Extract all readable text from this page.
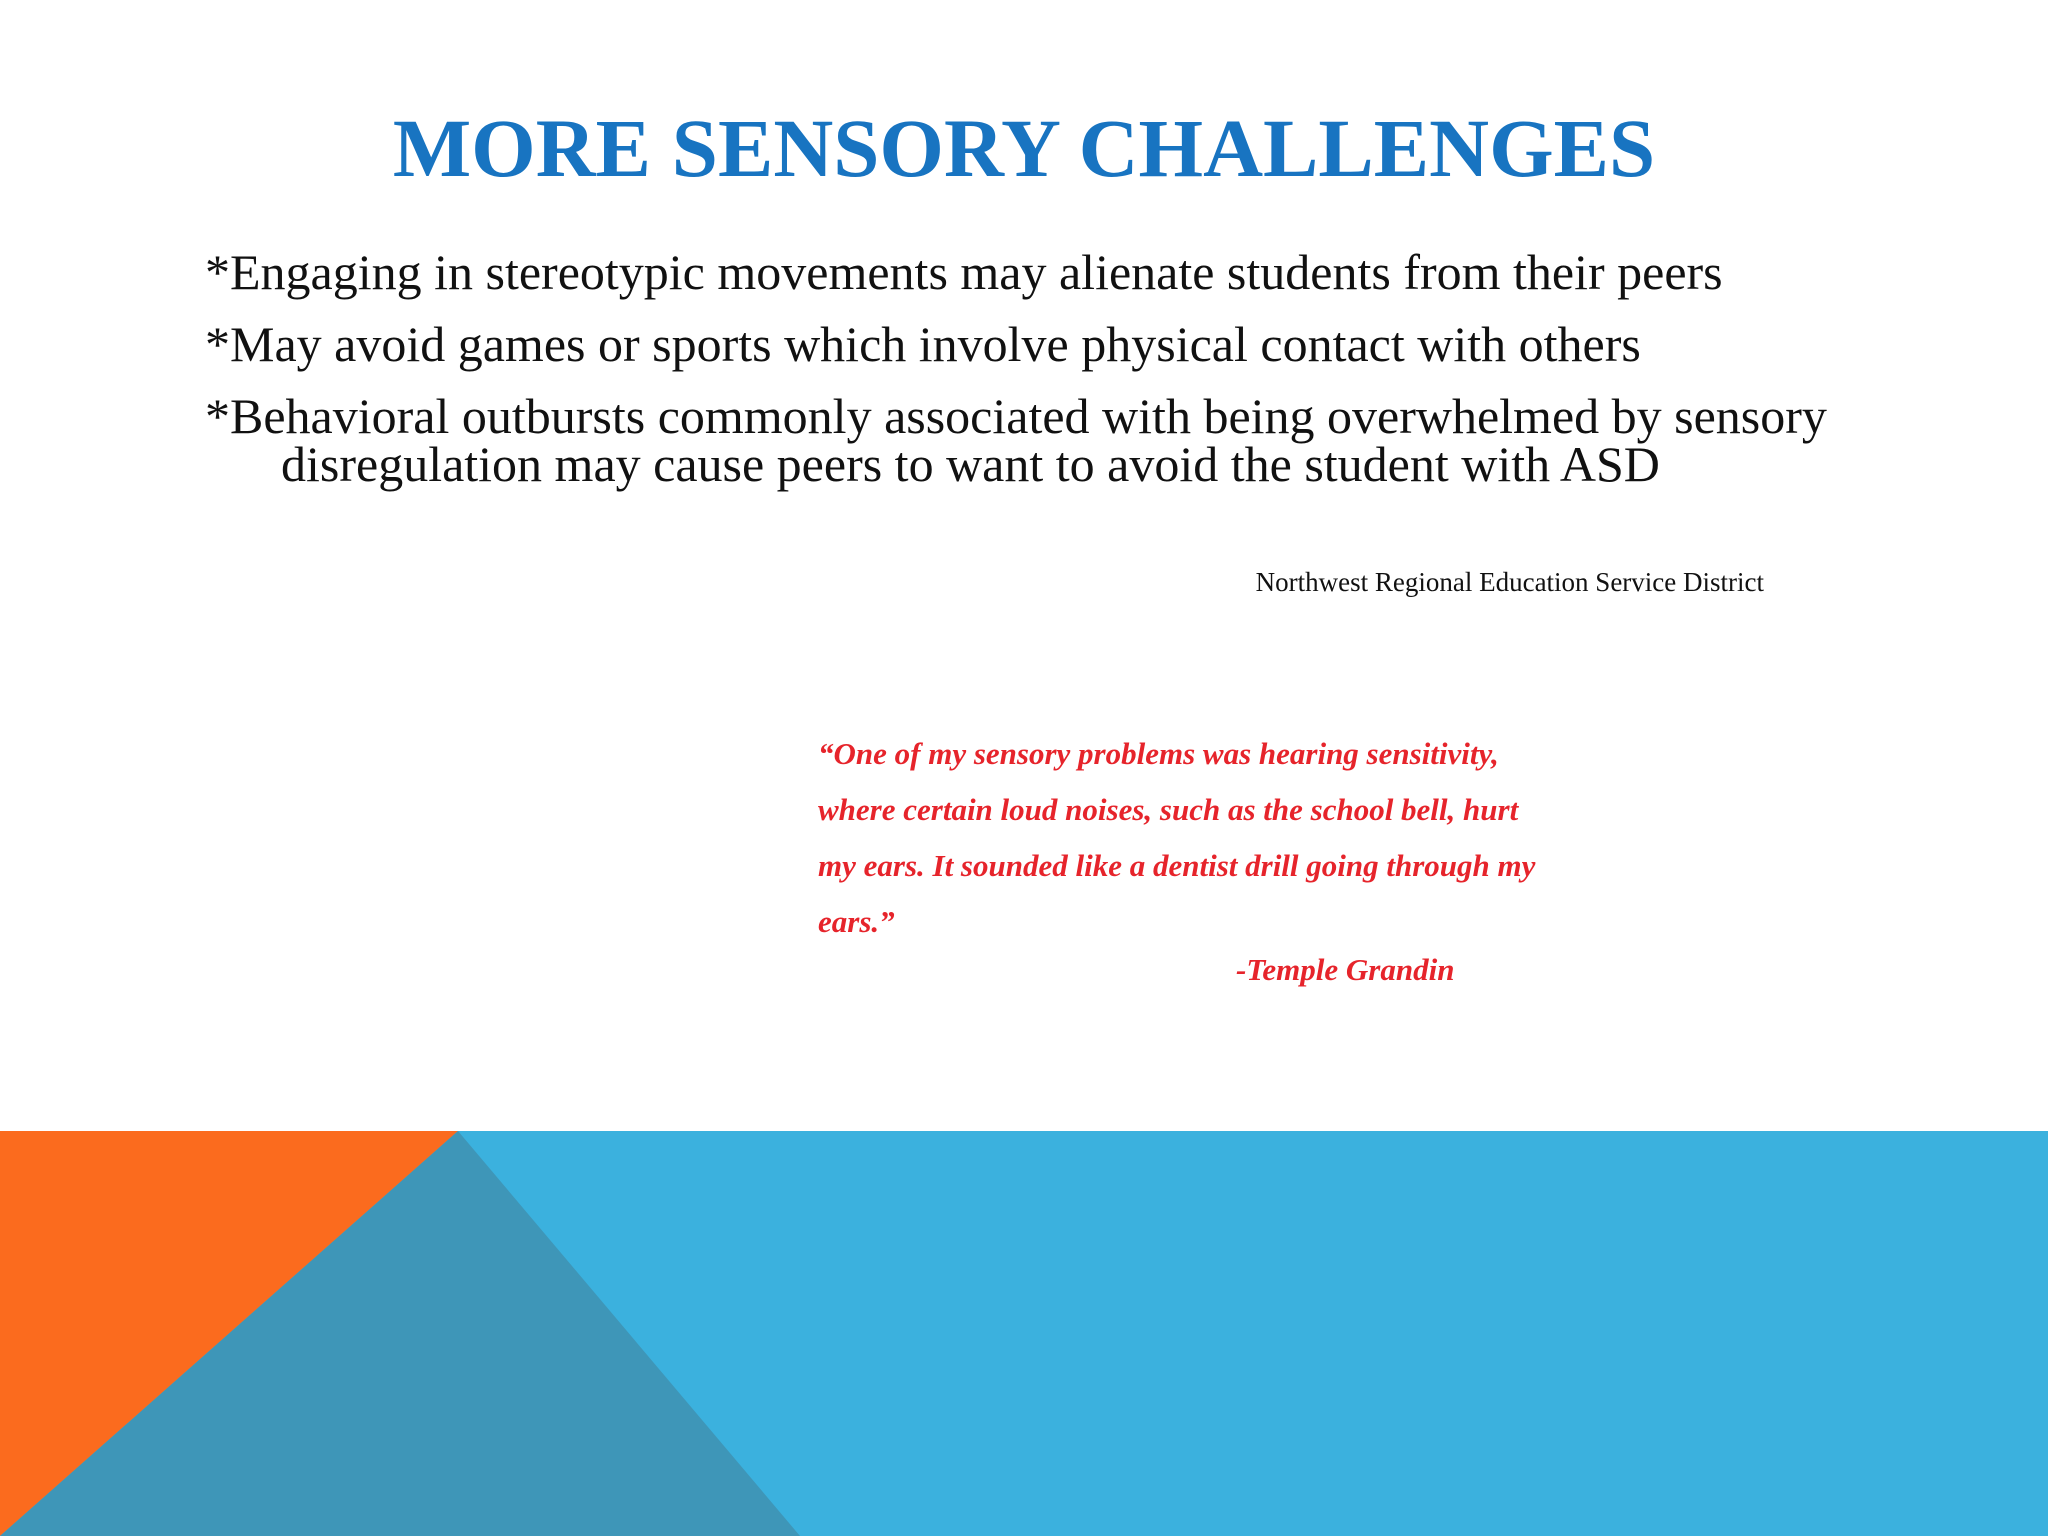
MORE SENSORY CHALLENGES
*Engaging in stereotypic movements may alienate students from their peers
*May avoid games or sports which involve physical contact with others
*Behavioral outbursts commonly associated with being overwhelmed by sensory disregulation may cause peers to want to avoid the student with ASD
Northwest Regional Education Service District
“One of my sensory problems was hearing sensitivity,
where certain loud noises, such as the school bell, hurt
my ears. It sounded like a dentist drill going through my
ears.”
-Temple Grandin
